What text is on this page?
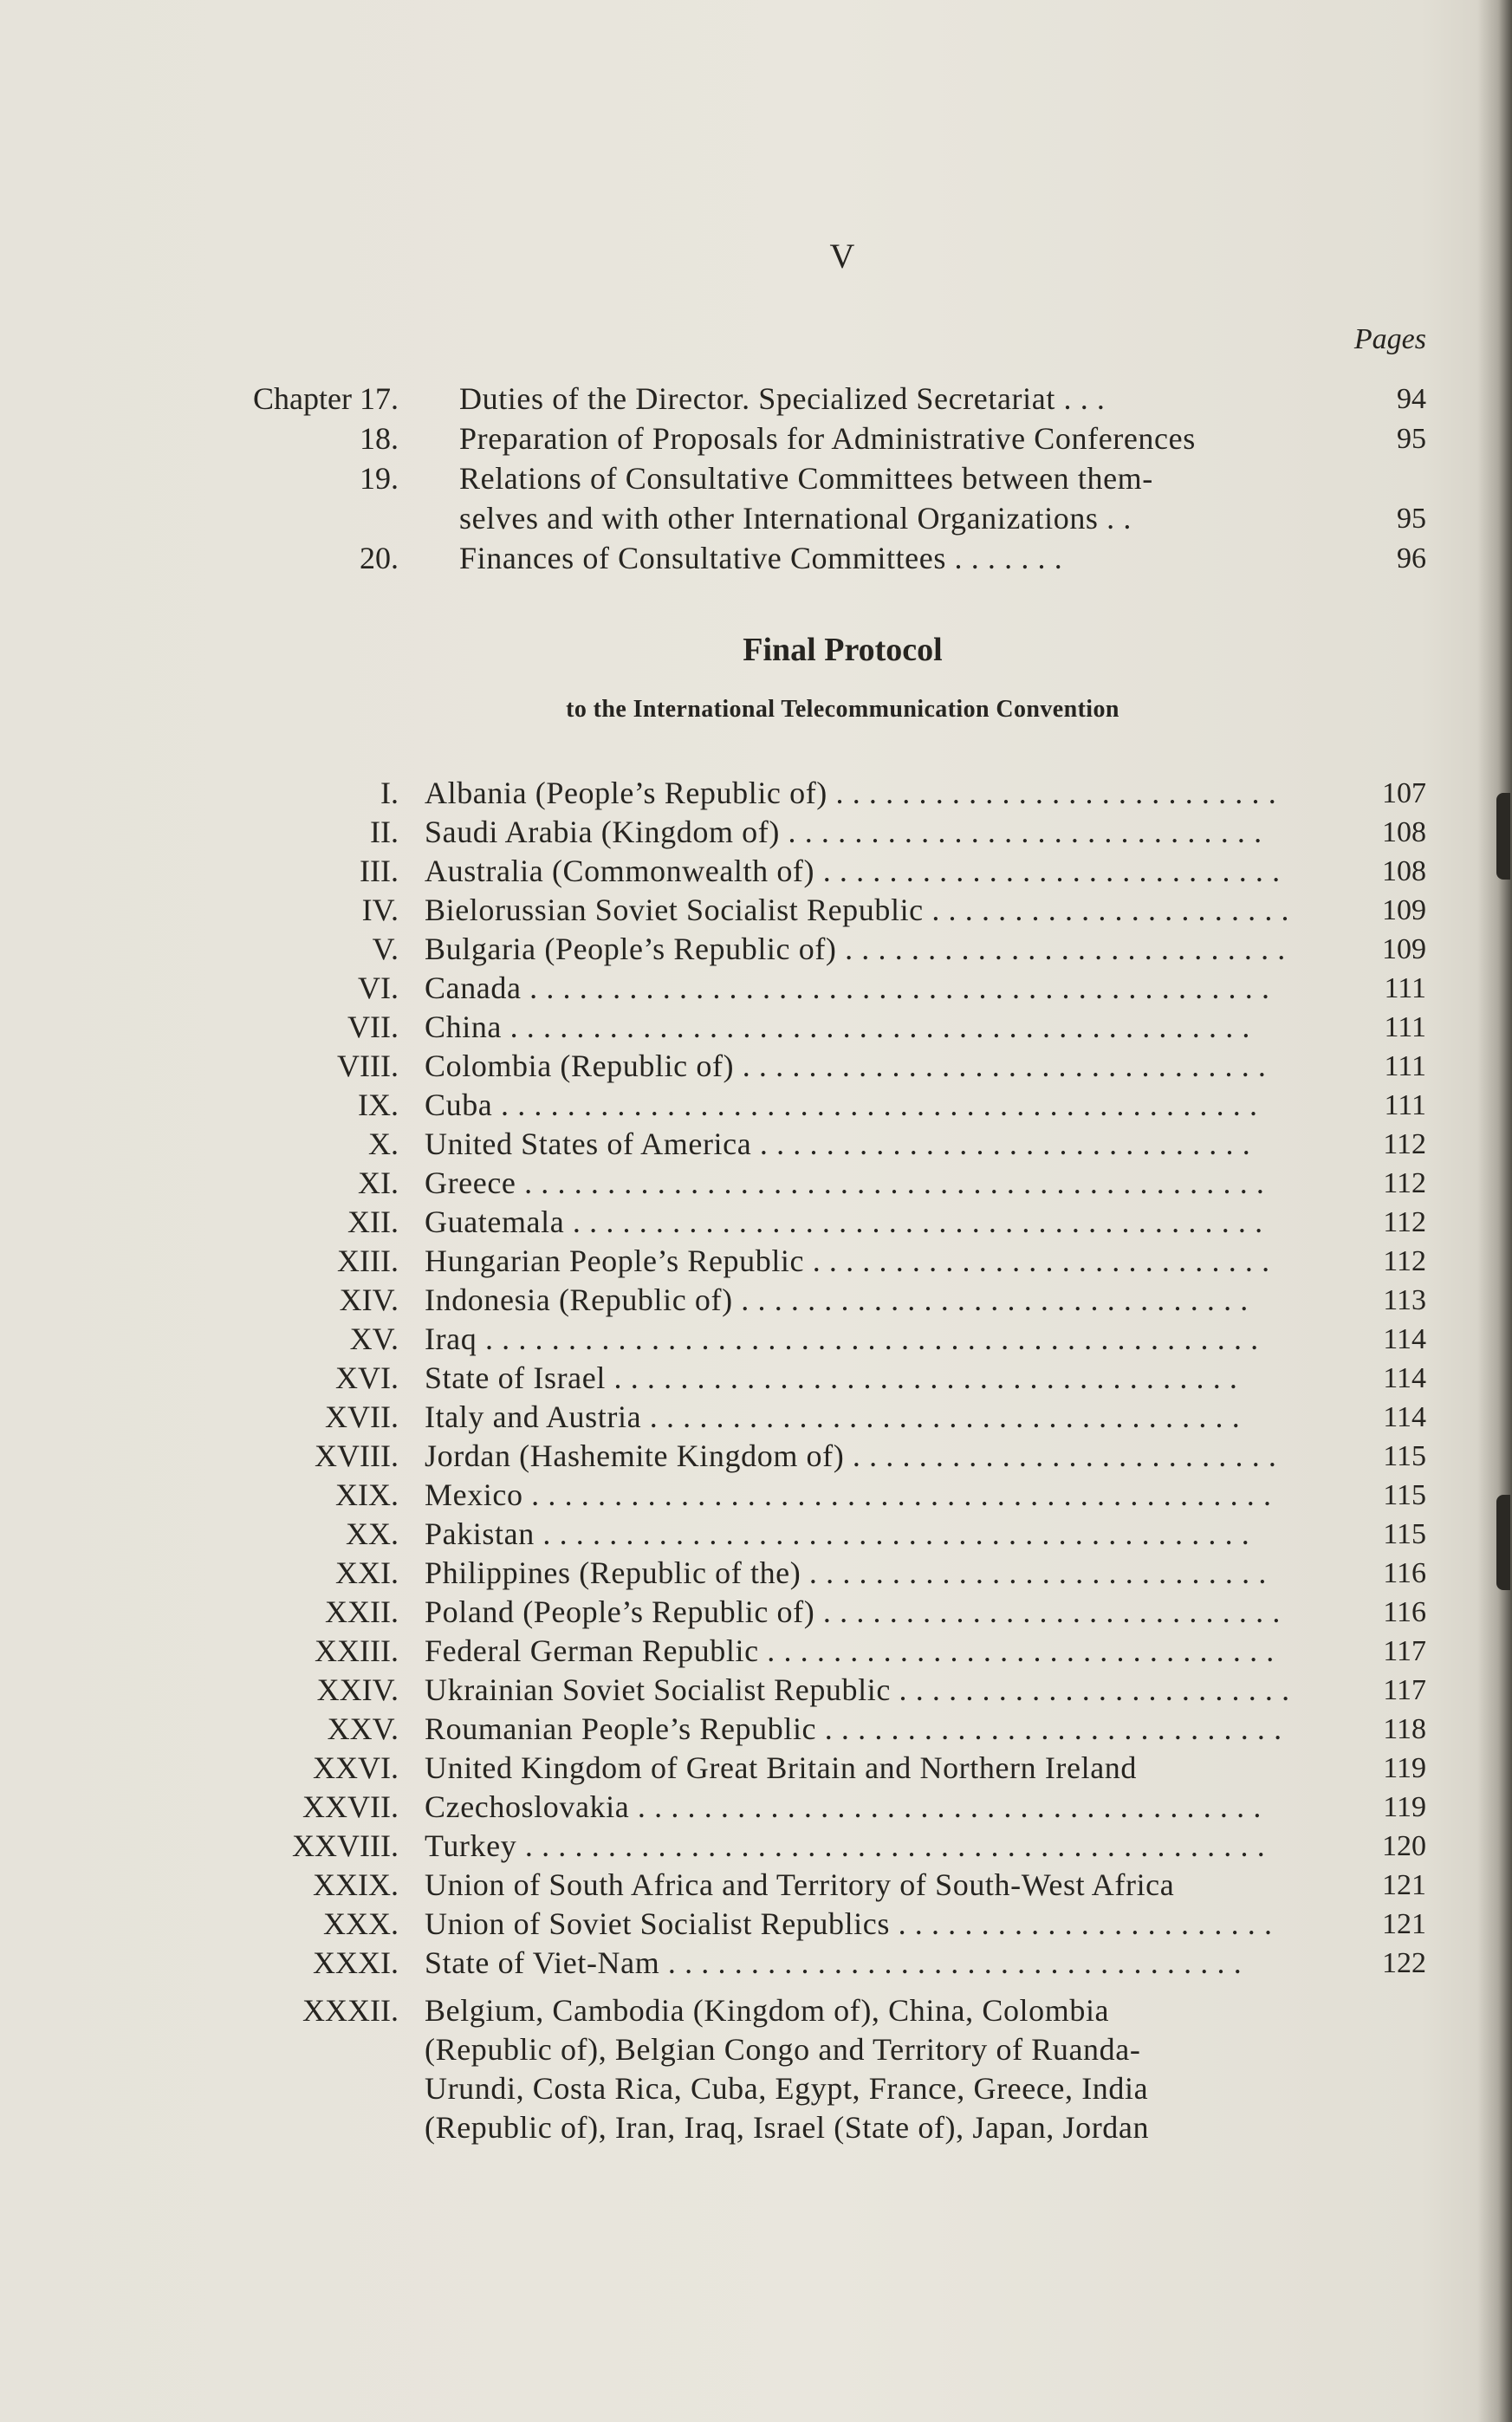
V
Pages
Chapter 17. Duties of the Director. Specialized Secretariat . . .	94
18. Preparation of Proposals for Administrative Conferences	95
19. Relations of Consultative Committees between them-
selves and with other International Organizations . .	95
20. Finances of Consultative Committees . . . . . . .	96
Final Protocol
to the International Telecommunication Convention
I. Albania (People’s Republic of) . . . . . . . . . . . . . . . . . . . . . . . . . . .	107
II. Saudi Arabia (Kingdom of) . . . . . . . . . . . . . . . . . . . . . . . . . . . . .	108
III. Australia (Commonwealth of) . . . . . . . . . . . . . . . . . . . . . . . . . . . .	108
IV. Bielorussian Soviet Socialist Republic . . . . . . . . . . . . . . . . . . . . . .	109
V. Bulgaria (People’s Republic of) . . . . . . . . . . . . . . . . . . . . . . . . . . .	109
VI. Canada . . . . . . . . . . . . . . . . . . . . . . . . . . . . . . . . . . . . . . . . . . . . .	111
VII. China . . . . . . . . . . . . . . . . . . . . . . . . . . . . . . . . . . . . . . . . . . . . .	111
VIII. Colombia (Republic of) . . . . . . . . . . . . . . . . . . . . . . . . . . . . . . . .	111
IX. Cuba . . . . . . . . . . . . . . . . . . . . . . . . . . . . . . . . . . . . . . . . . . . . . .	111
X. United States of America . . . . . . . . . . . . . . . . . . . . . . . . . . . . . .	112
XI. Greece . . . . . . . . . . . . . . . . . . . . . . . . . . . . . . . . . . . . . . . . . . . . .	112
XII. Guatemala . . . . . . . . . . . . . . . . . . . . . . . . . . . . . . . . . . . . . . . . . .	112
XIII. Hungarian People’s Republic . . . . . . . . . . . . . . . . . . . . . . . . . . . .	112
XIV. Indonesia (Republic of) . . . . . . . . . . . . . . . . . . . . . . . . . . . . . . .	113
XV. Iraq . . . . . . . . . . . . . . . . . . . . . . . . . . . . . . . . . . . . . . . . . . . . . . .	114
XVI. State of Israel . . . . . . . . . . . . . . . . . . . . . . . . . . . . . . . . . . . . . .	114
XVII. Italy and Austria . . . . . . . . . . . . . . . . . . . . . . . . . . . . . . . . . . . .	114
XVIII. Jordan (Hashemite Kingdom of) . . . . . . . . . . . . . . . . . . . . . . . . . .	115
XIX. Mexico . . . . . . . . . . . . . . . . . . . . . . . . . . . . . . . . . . . . . . . . . . . . .	115
XX. Pakistan . . . . . . . . . . . . . . . . . . . . . . . . . . . . . . . . . . . . . . . . . . .	115
XXI. Philippines (Republic of the) . . . . . . . . . . . . . . . . . . . . . . . . . . . .	116
XXII. Poland (People’s Republic of) . . . . . . . . . . . . . . . . . . . . . . . . . . . .	116
XXIII. Federal German Republic . . . . . . . . . . . . . . . . . . . . . . . . . . . . . . .	117
XXIV. Ukrainian Soviet Socialist Republic . . . . . . . . . . . . . . . . . . . . . . . .	117
XXV. Roumanian People’s Republic . . . . . . . . . . . . . . . . . . . . . . . . . . . .	118
XXVI. United Kingdom of Great Britain and Northern Ireland	119
XXVII. Czechoslovakia . . . . . . . . . . . . . . . . . . . . . . . . . . . . . . . . . . . . . .	119
XXVIII. Turkey . . . . . . . . . . . . . . . . . . . . . . . . . . . . . . . . . . . . . . . . . . . . .	120
XXIX. Union of South Africa and Territory of South-West Africa	121
XXX. Union of Soviet Socialist Republics . . . . . . . . . . . . . . . . . . . . . . .	121
XXXI. State of Viet-Nam . . . . . . . . . . . . . . . . . . . . . . . . . . . . . . . . . . .	122
XXXII. Belgium, Cambodia (Kingdom of), China, Colombia
(Republic of), Belgian Congo and Territory of Ruanda-
Urundi, Costa Rica, Cuba, Egypt, France, Greece, India
(Republic of), Iran, Iraq, Israel (State of), Japan, Jordan
